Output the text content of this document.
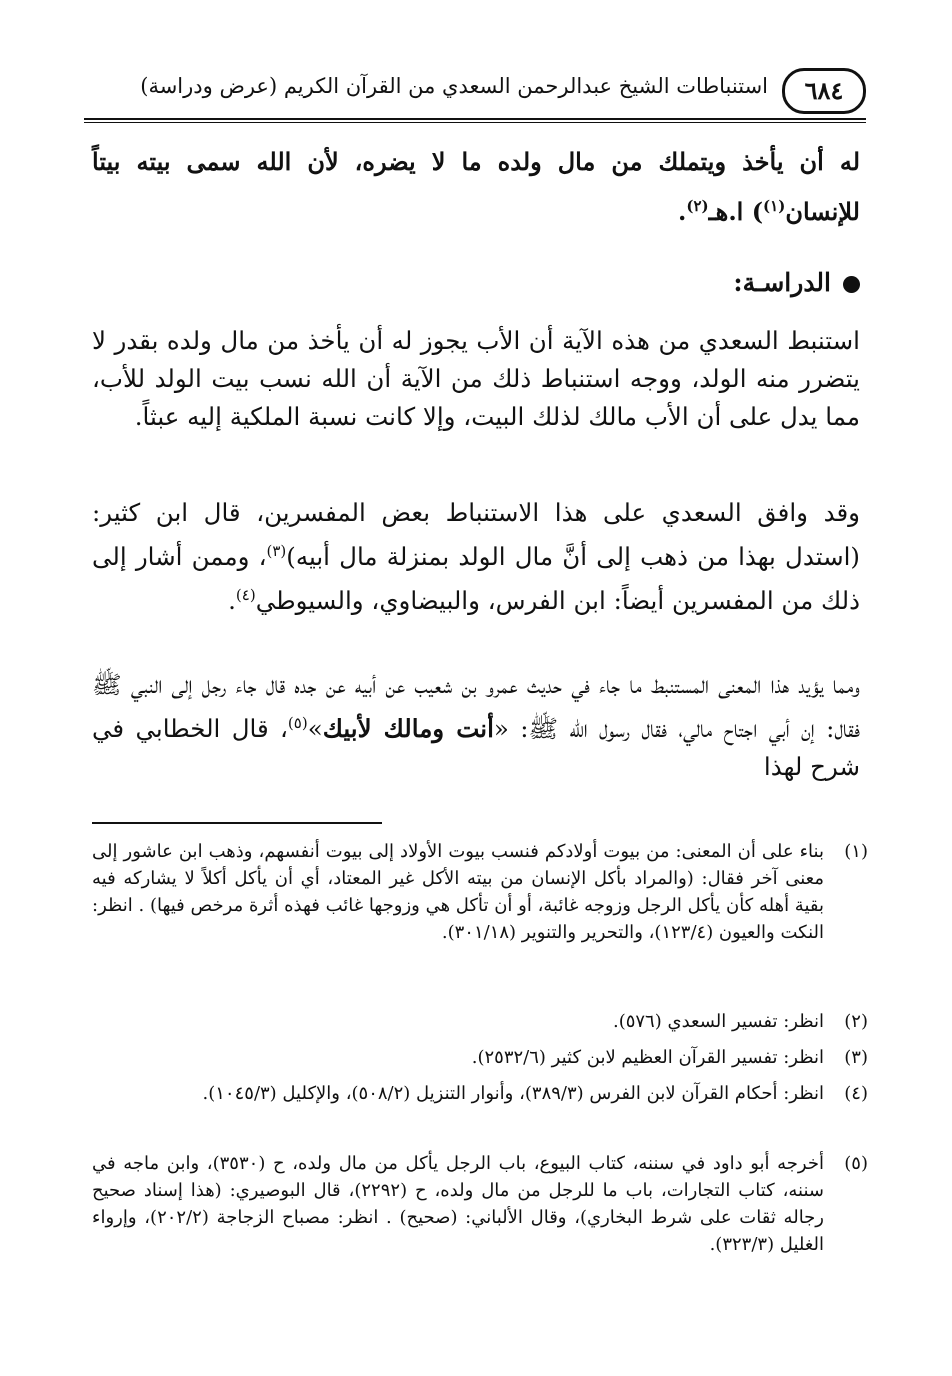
٦٨٤
استنباطات الشيخ عبدالرحمن السعدي من القرآن الكريم (عرض ودراسة)
له أن يأخذ ويتملك من مال ولده ما لا يضره، لأن الله سمى بيته بيتاً للإنسان$^{(١)}$) ا.هـ$^{(٢)}$.
الدراسـة:
استنبط السعدي من هذه الآية أن الأب يجوز له أن يأخذ من مال ولده بقدر لا يتضرر منه الولد، ووجه استنباط ذلك من الآية أن الله نسب بيت الولد للأب، مما يدل على أن الأب مالك لذلك البيت، وإلا كانت نسبة الملكية إليه عبثاً.
وقد وافق السعدي على هذا الاستنباط بعض المفسرين، قال ابن كثير: (استدل بهذا من ذهب إلى أنَّ مال الولد بمنزلة مال أبيه)$^{(٣)}$، وممن أشار إلى ذلك من المفسرين أيضاً: ابن الفرس، والبيضاوي، والسيوطي$^{(٤)}$.
ومما يؤيد هذا المعنى المستنبط ما جاء في حديث عمرو بن شعيب عن أبيه عن جده قال جاء رجل إلى النبي ﷺ فقال: إن أبي اجتاح مالي، فقال رسول الله ﷺ: «أنت ومالك لأبيك»$^{(٥)}$، قال الخطابي في شرح لهذا
(١)
بناء على أن المعنى: من بيوت أولادكم فنسب بيوت الأولاد إلى بيوت أنفسهم، وذهب ابن عاشور إلى معنى آخر فقال: (والمراد بأكل الإنسان من بيته الأكل غير المعتاد، أي أن يأكل أكلاً لا يشاركه فيه بقية أهله كأن يأكل الرجل وزوجه غائبة، أو أن تأكل هي وزوجها غائب فهذه أثرة مرخص فيها) . انظر: النكت والعيون (١٢٣/٤)، والتحرير والتنوير (٣٠١/١٨).
(٢)
انظر: تفسير السعدي (٥٧٦).
(٣)
انظر: تفسير القرآن العظيم لابن كثير (٢٥٣٢/٦).
(٤)
انظر: أحكام القرآن لابن الفرس (٣٨٩/٣)، وأنوار التنزيل (٥٠٨/٢)، والإكليل (١٠٤٥/٣).
(٥)
أخرجه أبو داود في سننه، كتاب البيوع، باب الرجل يأكل من مال ولده، ح (٣٥٣٠)، وابن ماجه في سننه، كتاب التجارات، باب ما للرجل من مال ولده، ح (٢٢٩٢)، قال البوصيري: (هذا إسناد صحيح رجاله ثقات على شرط البخاري)، وقال الألباني: (صحيح) . انظر: مصباح الزجاجة (٢٠٢/٢)، وإرواء الغليل (٣٢٣/٣).
